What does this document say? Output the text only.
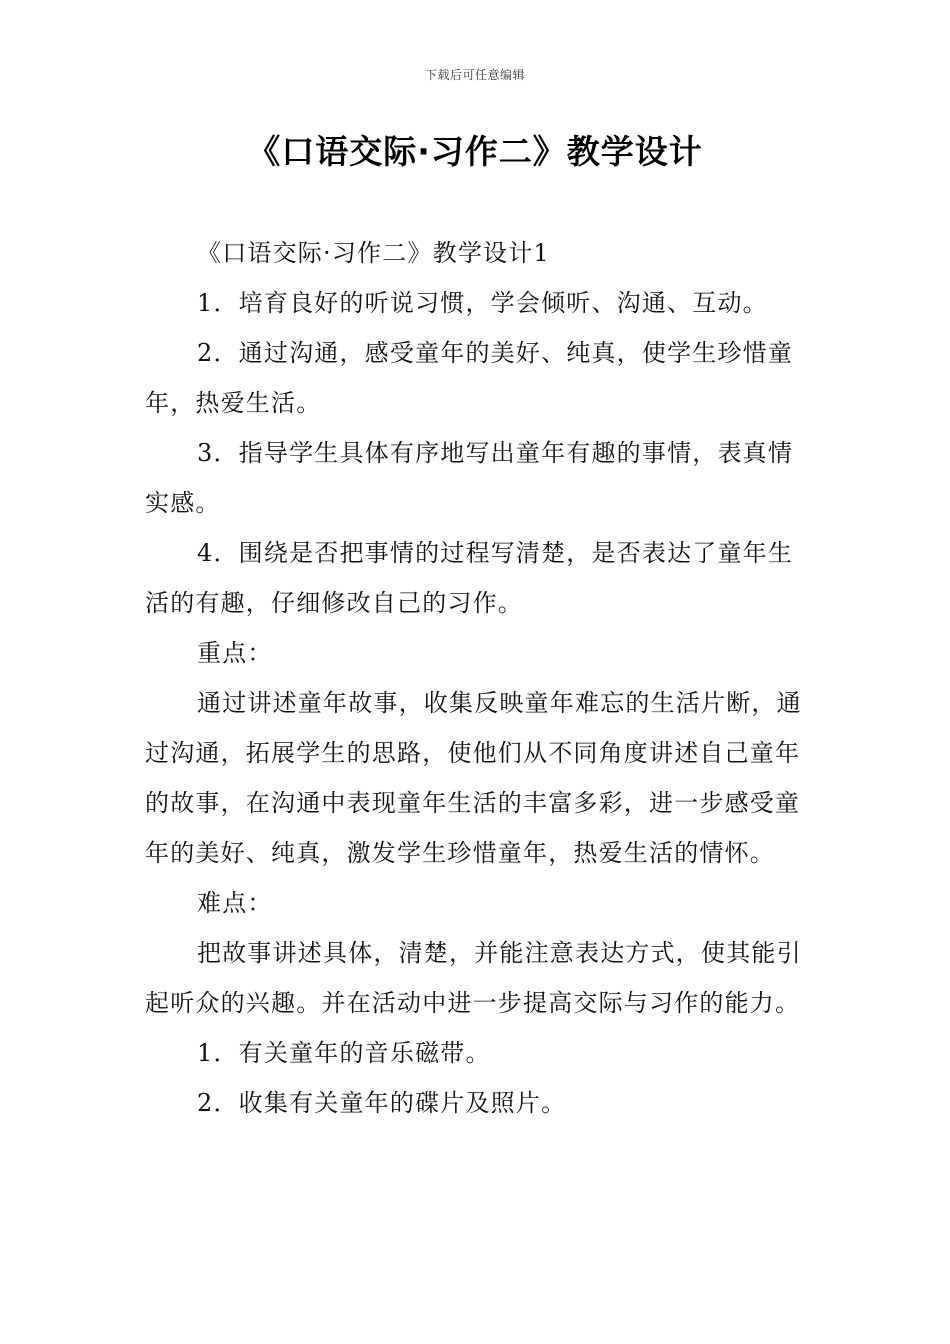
下载后可任意编辑
《口语交际·习作二》教学设计

《口语交际·习作二》教学设计1

1．培育良好的听说习惯，学会倾听、沟通、互动。

2．通过沟通，感受童年的美好、纯真，使学生珍惜童年，热爱生活。

3．指导学生具体有序地写出童年有趣的事情，表真情实感。

4．围绕是否把事情的过程写清楚，是否表达了童年生活的有趣，仔细修改自己的习作。

重点：

通过讲述童年故事，收集反映童年难忘的生活片断，通过沟通，拓展学生的思路，使他们从不同角度讲述自己童年的故事，在沟通中表现童年生活的丰富多彩，进一步感受童年的美好、纯真，激发学生珍惜童年，热爱生活的情怀。

难点：

把故事讲述具体，清楚，并能注意表达方式，使其能引起听众的兴趣。并在活动中进一步提高交际与习作的能力。

1．有关童年的音乐磁带。

2．收集有关童年的碟片及照片。
